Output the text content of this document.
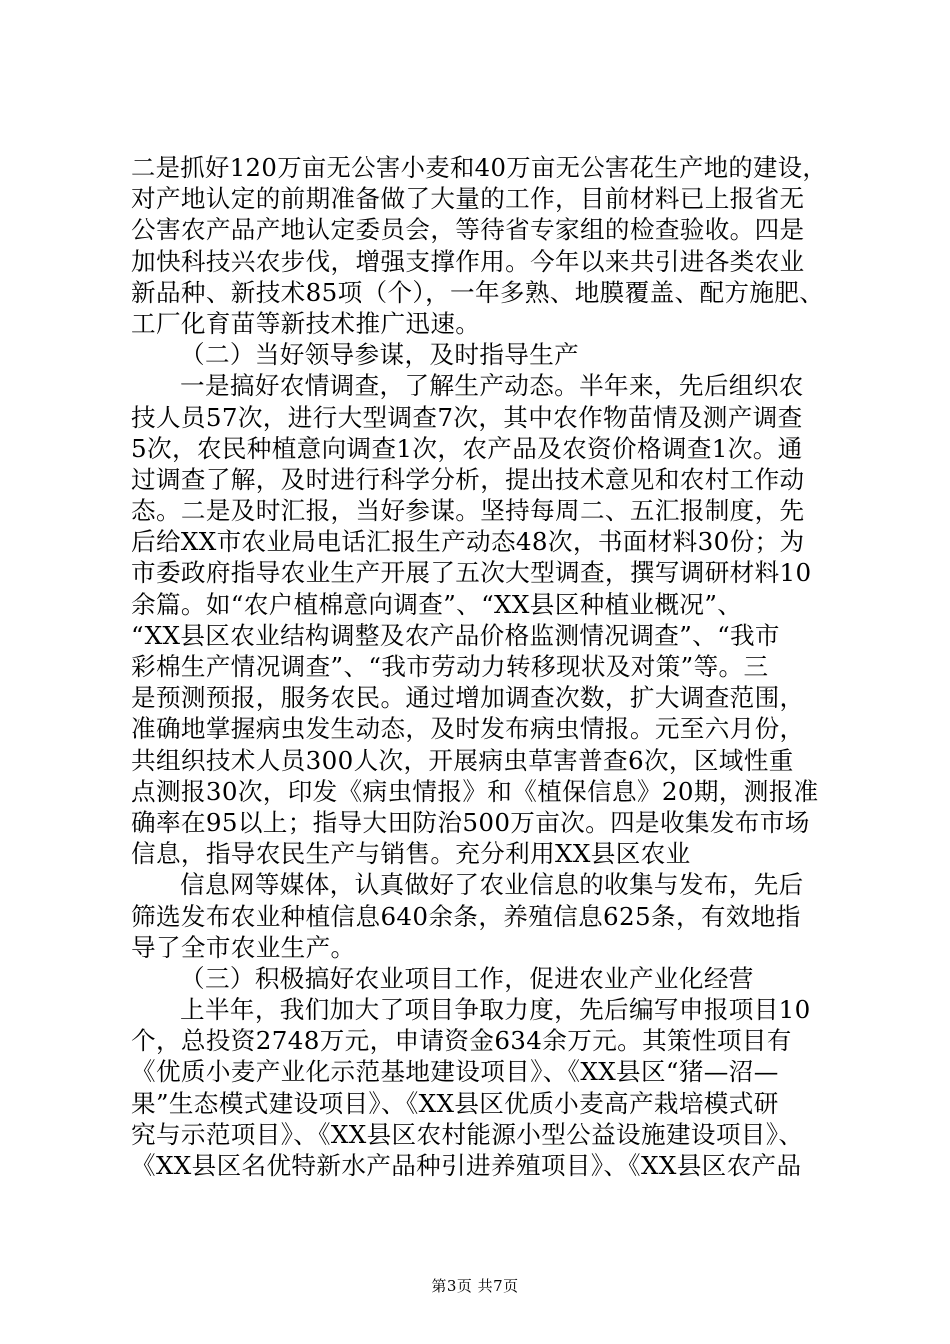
二是抓好120万亩无公害小麦和40万亩无公害花生产地的建设，
对产地认定的前期准备做了大量的工作，目前材料已上报省无
公害农产品产地认定委员会，等待省专家组的检查验收。四是
加快科技兴农步伐，增强支撑作用。今年以来共引进各类农业
新品种、新技术85项（个），一年多熟、地膜覆盖、配方施肥、
工厂化育苗等新技术推广迅速。
（二）当好领导参谋，及时指导生产
一是搞好农情调查，了解生产动态。半年来，先后组织农
技人员57次，进行大型调查7次，其中农作物苗情及测产调查
5次，农民种植意向调查1次，农产品及农资价格调查1次。通
过调查了解，及时进行科学分析，提出技术意见和农村工作动
态。二是及时汇报，当好参谋。坚持每周二、五汇报制度，先
后给XX市农业局电话汇报生产动态48次，书面材料30份；为
市委政府指导农业生产开展了五次大型调查，撰写调研材料10
余篇。如“农户植棉意向调查”、“XX县区种植业概况”、
“XX县区农业结构调整及农产品价格监测情况调查”、“我市
彩棉生产情况调查”、“我市劳动力转移现状及对策”等。三
是预测预报，服务农民。通过增加调查次数，扩大调查范围，
准确地掌握病虫发生动态，及时发布病虫情报。元至六月份，
共组织技术人员300人次，开展病虫草害普查6次，区域性重
点测报30次，印发《病虫情报》和《植保信息》20期，测报准
确率在95以上；指导大田防治500万亩次。四是收集发布市场
信息，指导农民生产与销售。充分利用XX县区农业
信息网等媒体，认真做好了农业信息的收集与发布，先后
筛选发布农业种植信息640余条，养殖信息625条，有效地指
导了全市农业生产。
（三）积极搞好农业项目工作，促进农业产业化经营
上半年，我们加大了项目争取力度，先后编写申报项目10
个，总投资2748万元，申请资金634余万元。其策性项目有
《优质小麦产业化示范基地建设项目》、《XX县区“猪—沼—
果”生态模式建设项目》、《XX县区优质小麦高产栽培模式研
究与示范项目》、《XX县区农村能源小型公益设施建设项目》、
《XX县区名优特新水产品种引进养殖项目》、《XX县区农产品
第3页 共7页
